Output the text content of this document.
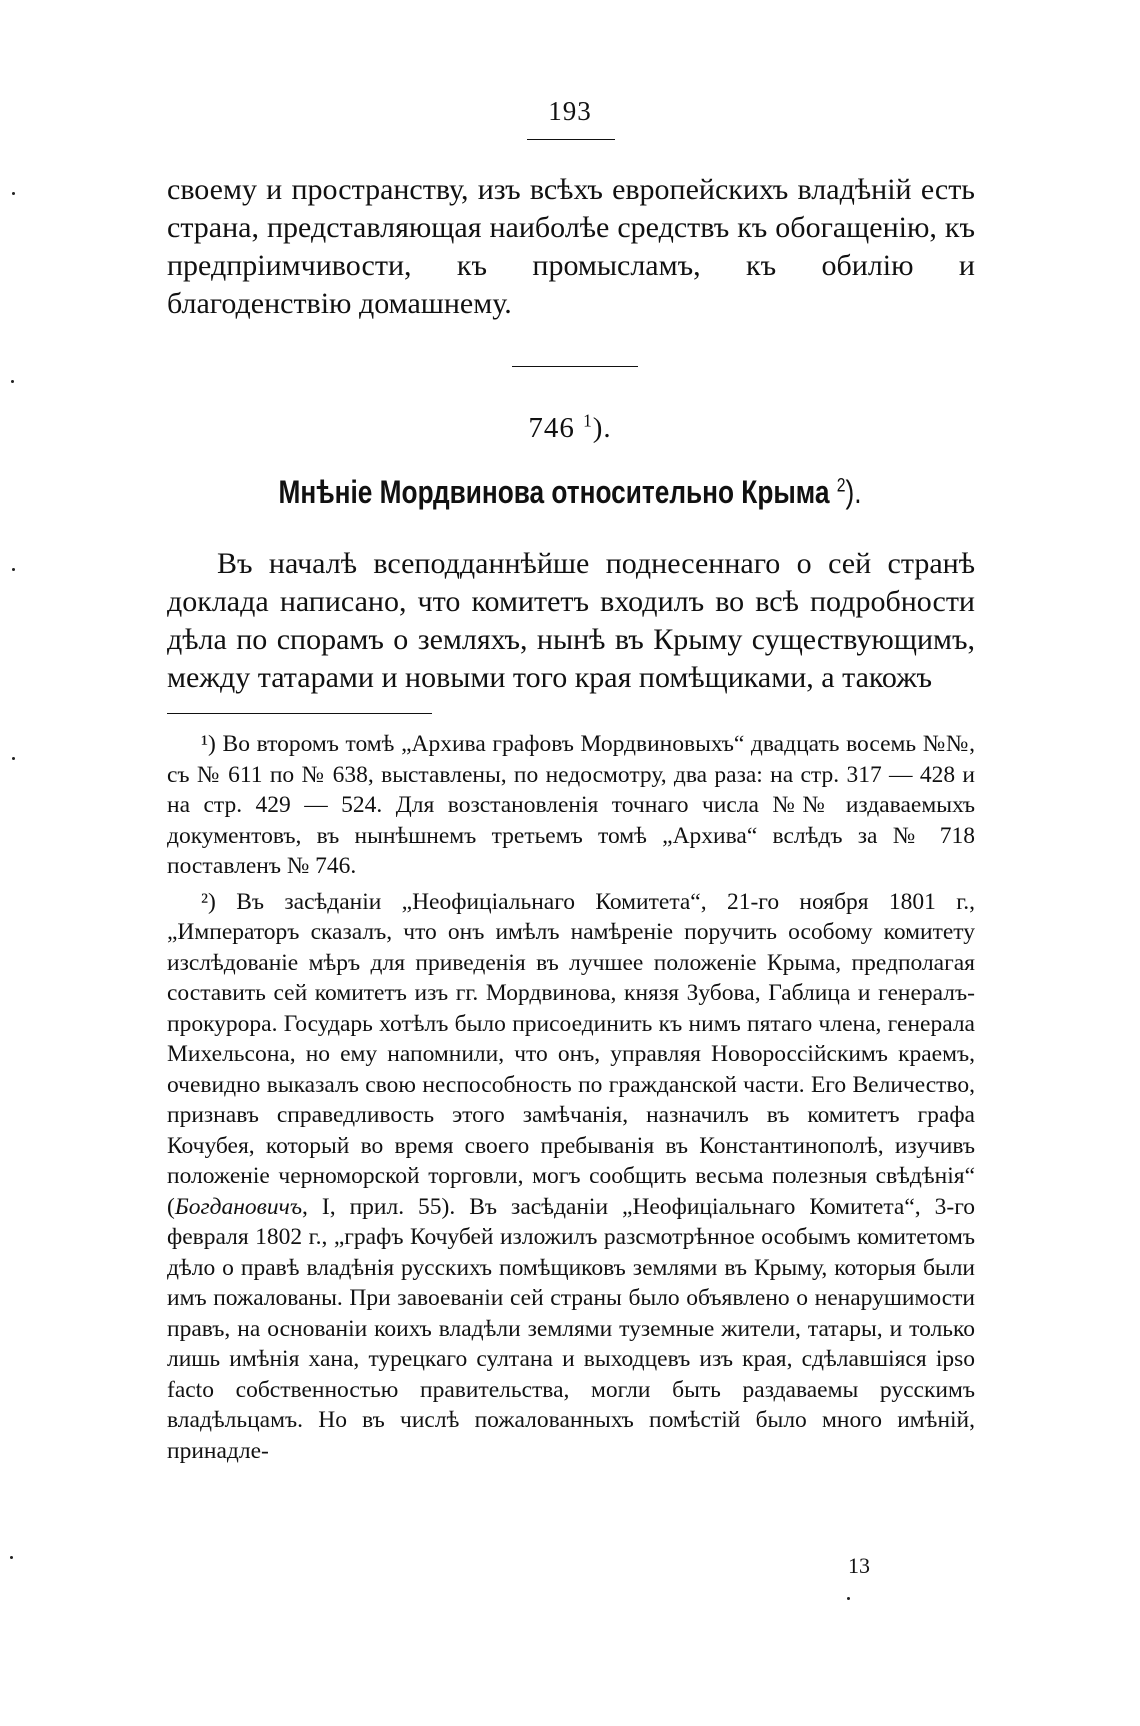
193

своему и пространству, изъ всѣхъ европейскихъ владѣній есть страна, представляющая наиболѣе средствъ къ обогащенію, къ предпріимчивости, къ промысламъ, къ обилію и благоденствію домашнему.

746 $^1$).
Мнѣніе Мордвинова относительно Крыма $^2$).

Въ началѣ всеподданнѣйше поднесеннаго о сей странѣ доклада написано, что комитетъ входилъ во всѣ подробности дѣла по спорамъ о земляхъ, нынѣ въ Крыму существующимъ, между татарами и новыми того края помѣщиками, а такожъ

¹) Во второмъ томѣ „Архива графовъ Мордвиновыхъ“ двадцать восемь №№, съ № 611 по № 638, выставлены, по недосмотру, два раза: на стр. 317 — 428 и на стр. 429 — 524. Для возстановленія точнаго числа №№ издаваемыхъ документовъ, въ нынѣшнемъ третьемъ томѣ „Архива“ вслѣдъ за № 718 поставленъ № 746.

²) Въ засѣданіи „Неофиціальнаго Комитета“, 21-го ноября 1801 г., „Императоръ сказалъ, что онъ имѣлъ намѣреніе поручить особому комитету изслѣдованіе мѣръ для приведенія въ лучшее положеніе Крыма, предполагая составить сей комитетъ изъ гг. Мордвинова, князя Зубова, Габлица и генералъ-прокурора. Государь хотѣлъ было присоединить къ нимъ пятаго члена, генерала Михельсона, но ему напомнили, что онъ, управляя Новороссійскимъ краемъ, очевидно выказалъ свою неспособность по гражданской части. Его Величество, признавъ справедливость этого замѣчанія, назначилъ въ комитетъ графа Кочубея, который во время своего пребыванія въ Константинополѣ, изучивъ положеніе черноморской торговли, могъ сообщить весьма полезныя свѣдѣнія“ (Богдановичъ, I, прил. 55). Въ засѣданіи „Неофиціальнаго Комитета“, 3-го февраля 1802 г., „графъ Кочубей изложилъ разсмотрѣнное особымъ комитетомъ дѣло о правѣ владѣнія русскихъ помѣщиковъ землями въ Крыму, которыя были имъ пожалованы. При завоеваніи сей страны было объявлено о ненарушимости правъ, на основаніи коихъ владѣли землями туземные жители, татары, и только лишь имѣнія хана, турецкаго султана и выходцевъ изъ края, сдѣлавшіяся ipso facto собственностью правительства, могли быть раздаваемы русскимъ владѣльцамъ. Но въ числѣ пожалованныхъ помѣстій было много имѣній, принадле-

13
